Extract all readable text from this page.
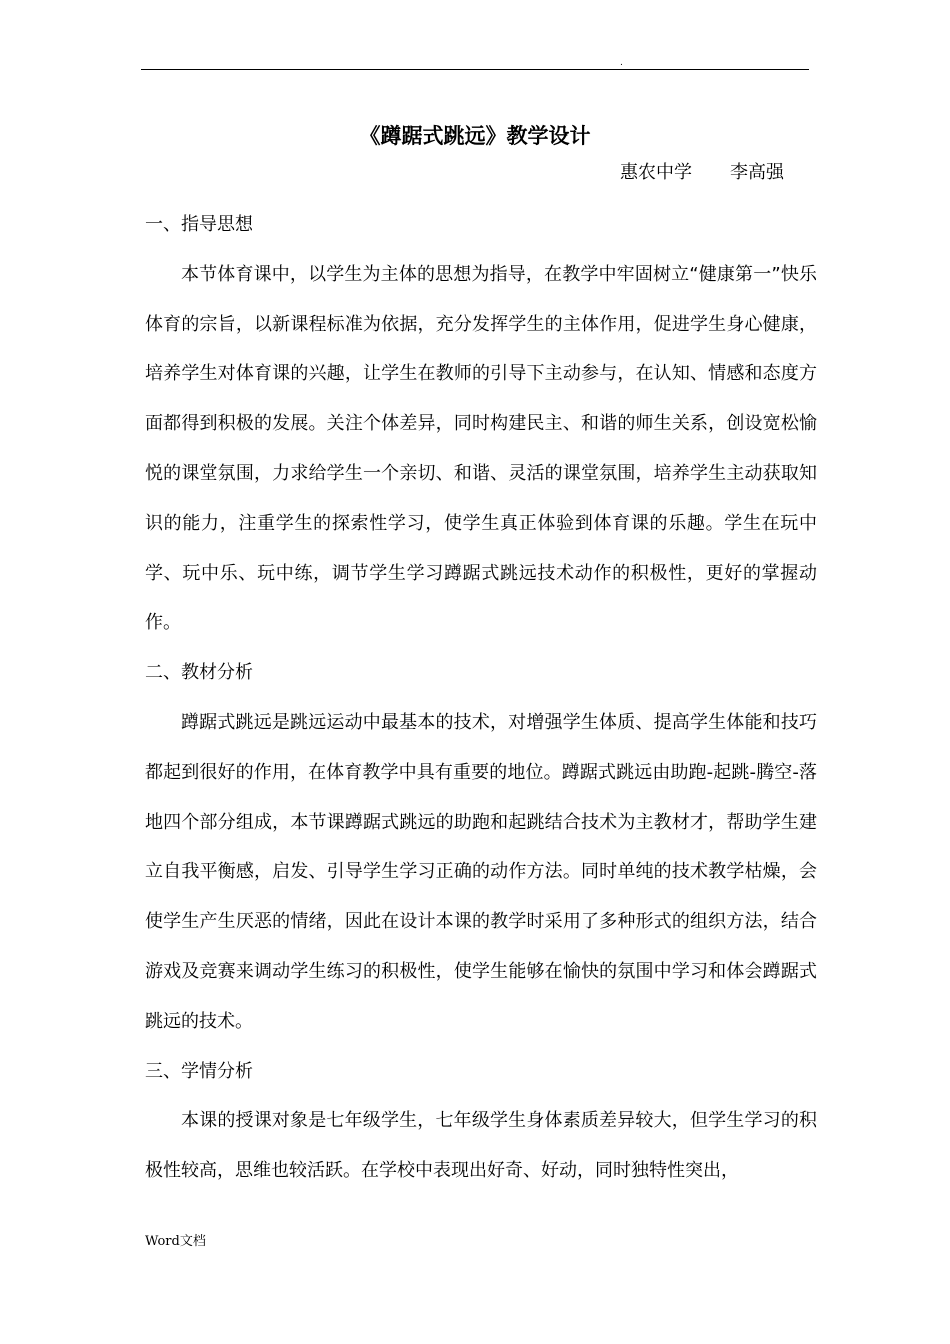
.
《蹲踞式跳远》教学设计
惠农中学 李高强
一、指导思想

本节体育课中，以学生为主体的思想为指导，在教学中牢固树立“健康第一”快乐体育的宗旨，以新课程标准为依据，充分发挥学生的主体作用，促进学生身心健康，培养学生对体育课的兴趣，让学生在教师的引导下主动参与，在认知、情感和态度方面都得到积极的发展。关注个体差异，同时构建民主、和谐的师生关系，创设宽松愉悦的课堂氛围，力求给学生一个亲切、和谐、灵活的课堂氛围，培养学生主动获取知识的能力，注重学生的探索性学习，使学生真正体验到体育课的乐趣。学生在玩中学、玩中乐、玩中练，调节学生学习蹲踞式跳远技术动作的积极性，更好的掌握动作。

二、教材分析

蹲踞式跳远是跳远运动中最基本的技术，对增强学生体质、提高学生体能和技巧都起到很好的作用，在体育教学中具有重要的地位。蹲踞式跳远由助跑-起跳-腾空-落地四个部分组成，本节课蹲踞式跳远的助跑和起跳结合技术为主教材才，帮助学生建立自我平衡感，启发、引导学生学习正确的动作方法。同时单纯的技术教学枯燥，会使学生产生厌恶的情绪，因此在设计本课的教学时采用了多种形式的组织方法，结合游戏及竞赛来调动学生练习的积极性，使学生能够在愉快的氛围中学习和体会蹲踞式跳远的技术。

三、学情分析

本课的授课对象是七年级学生，七年级学生身体素质差异较大，但学生学习的积极性较高，思维也较活跃。在学校中表现出好奇、好动，同时独特性突出，

Word文档
